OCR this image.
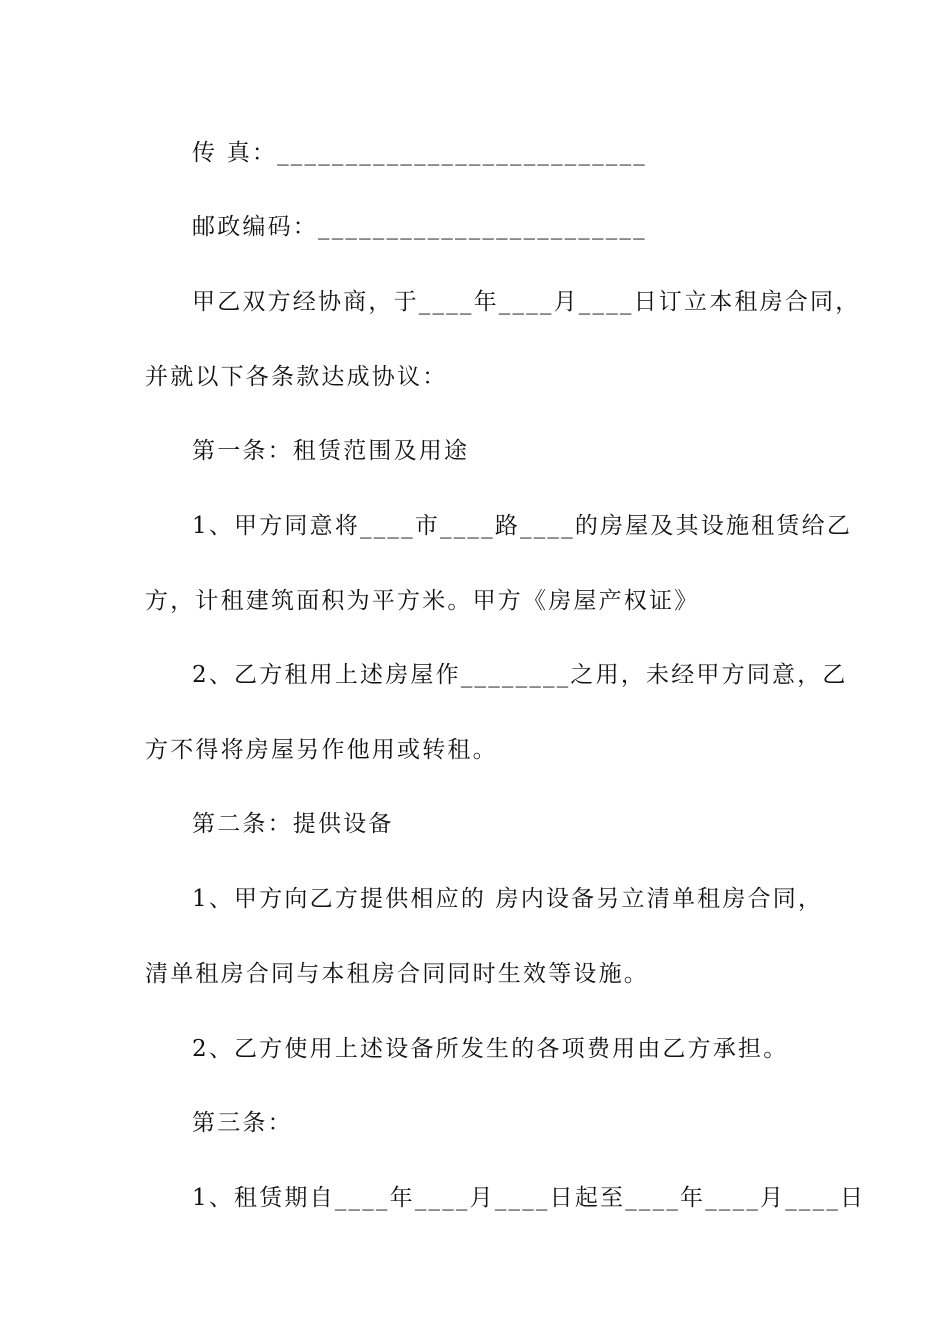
传 真：___________________________
邮政编码：________________________
甲乙双方经协商，于____年____月____日订立本租房合同，
并就以下各条款达成协议：
第一条：租赁范围及用途
1、甲方同意将____市____路____的房屋及其设施租赁给乙
方，计租建筑面积为平方米。甲方《房屋产权证》
2、乙方租用上述房屋作________之用，未经甲方同意，乙
方不得将房屋另作他用或转租。
第二条：提供设备
1、甲方向乙方提供相应的 房内设备另立清单租房合同，
清单租房合同与本租房合同同时生效等设施。
2、乙方使用上述设备所发生的各项费用由乙方承担。
第三条：
1、租赁期自____年____月____日起至____年____月____日
